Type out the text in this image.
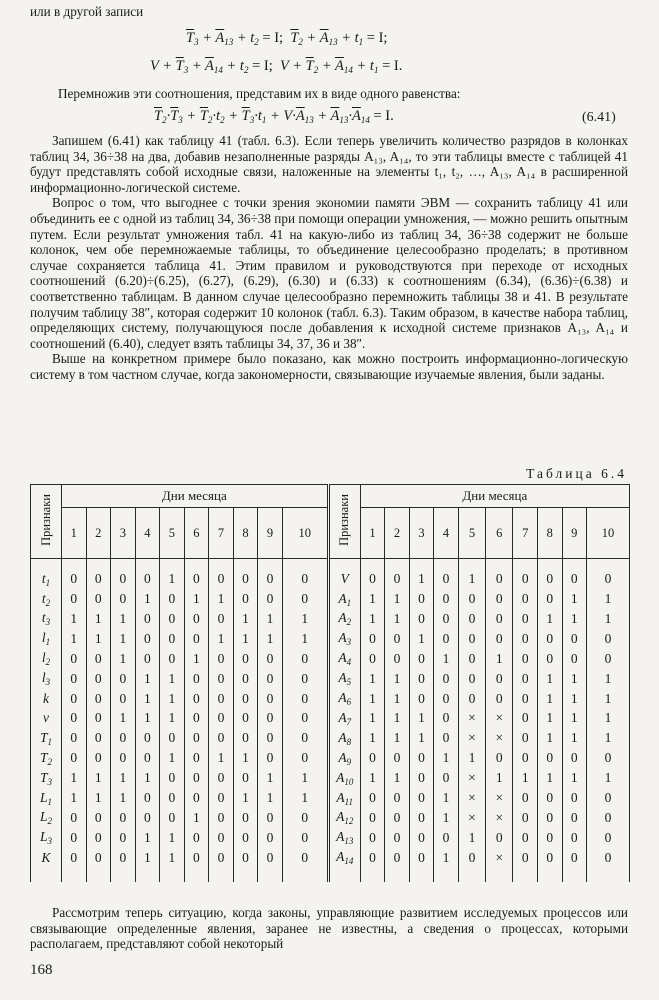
или в другой записи
$\overline{T}_3 + \overline{A}_{13} + t_2 = I$; $\overline{T}_2 + \overline{A}_{13} + t_1 = I$;
$V + \overline{T}_3 + \overline{A}_{14} + t_2 = I$; $V + \overline{T}_2 + \overline{A}_{14} + t_1 = I$.
Перемножив эти соотношения, представим их в виде одного равенства:
$\overline{T}_2\cdot\overline{T}_3 + \overline{T}_2\cdot t_2 + \overline{T}_3\cdot t_1 + V\cdot\overline{A}_{13} + \overline{A}_{13}\cdot\overline{A}_{14} = I$.	(6.41)

Запишем (6.41) как таблицу 41 (табл. 6.3). Если теперь увеличить количество разрядов в колонках таблиц 34, 36÷38 на два, добавив незаполненные разряды A₁₃, A₁₄, то эти таблицы вместе с таблицей 41 будут представлять собой исходные связи, наложенные на элементы t₁, t₂, …, A₁₃, A₁₄ в расширенной информационно-логической системе.

Вопрос о том, что выгоднее с точки зрения экономии памяти ЭВМ — сохранить таблицу 41 или объединить ее с одной из таблиц 34, 36÷38 при помощи операции умножения, — можно решить опытным путем. Если результат умножения табл. 41 на какую-либо из таблиц 34, 36÷38 содержит не больше колонок, чем обе перемножаемые таблицы, то объединение целесообразно проделать; в противном случае сохраняется таблица 41. Этим правилом и руководствуются при переходе от исходных соотношений (6.20)÷(6.25), (6.27), (6.29), (6.30) и (6.33) к соотношениям (6.34), (6.36)÷(6.38) и соответственно таблицам. В данном случае целесообразно перемножить таблицы 38 и 41. В результате получим таблицу 38″, которая содержит 10 колонок (табл. 6.3). Таким образом, в качестве набора таблиц, определяющих систему, получающуюся после добавления к исходной системе признаков A₁₃, A₁₄ и соотношений (6.40), следует взять таблицы 34, 37, 36 и 38″.

Выше на конкретном примере было показано, как можно построить информационно-логическую систему в том частном случае, когда закономерности, связывающие изучаемые явления, были заданы.

Таблица 6.4
Признаки	Дни месяца										Признаки	Дни месяца									
	1	2	3	4	5	6	7	8	9	10		1	2	3	4	5	6	7	8	9	10
$t_1$	0	0	0	0	1	0	0	0	0	0	V	0	0	1	0	1	0	0	0	0	0
$t_2$	0	0	0	1	0	1	1	0	0	0	$A_1$	1	1	0	0	0	0	0	0	1	1
$t_3$	1	1	1	0	0	0	0	1	1	1	$A_2$	1	1	0	0	0	0	0	1	1	1
$l_1$	1	1	1	0	0	0	1	1	1	1	$A_3$	0	0	1	0	0	0	0	0	0	0
$l_2$	0	0	1	0	0	1	0	0	0	0	$A_4$	0	0	0	1	0	1	0	0	0	0
$l_3$	0	0	0	1	1	0	0	0	0	0	$A_5$	1	1	0	0	0	0	0	1	1	1
k	0	0	0	1	1	0	0	0	0	0	$A_6$	1	1	0	0	0	0	0	1	1	1
v	0	0	1	1	1	0	0	0	0	0	$A_7$	1	1	1	0	×	×	0	1	1	1
$T_1$	0	0	0	0	0	0	0	0	0	0	$A_8$	1	1	1	0	×	×	0	1	1	1
$T_2$	0	0	0	0	1	0	1	1	0	0	$A_9$	0	0	0	1	1	0	0	0	0	0
$T_3$	1	1	1	1	0	0	0	0	1	1	$A_{10}$	1	1	0	0	×	1	1	1	1	1
$L_1$	1	1	1	0	0	0	0	1	1	1	$A_{11}$	0	0	0	1	×	×	0	0	0	0
$L_2$	0	0	0	0	0	1	0	0	0	0	$A_{12}$	0	0	0	1	×	×	0	0	0	0
$L_3$	0	0	0	1	1	0	0	0	0	0	$A_{13}$	0	0	0	0	1	0	0	0	0	0
K	0	0	0	1	1	0	0	0	0	0	$A_{14}$	0	0	0	1	0	×	0	0	0	0
Рассмотрим теперь ситуацию, когда законы, управляющие развитием исследуемых процессов или связывающие определенные явления, заранее не известны, а сведения о процессах, которыми располагаем, представляют собой некоторый
168
